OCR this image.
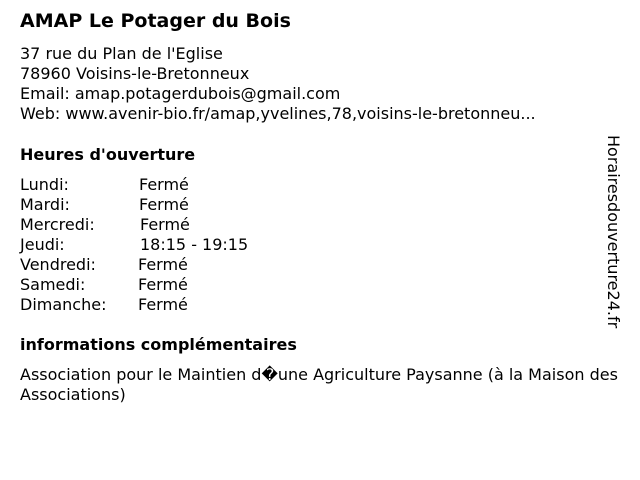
AMAP Le Potager du Bois
37 rue du Plan de l'Eglise
78960 Voisins-le-Bretonneux
Email: amap.potagerdubois@gmail.com
Web: www.avenir-bio.fr/amap,yvelines,78,voisins-le-bretonneu...
Heures d'ouverture
Lundi:	Fermé
Mardi:	Fermé
Mercredi:	Fermé
Jeudi:	18:15 - 19:15
Vendredi:	Fermé
Samedi:	Fermé
Dimanche:	Fermé
informations complémentaires
Association pour le Maintien d�une Agriculture Paysanne (à la Maison des Associations)
Horairesdouverture24.fr
